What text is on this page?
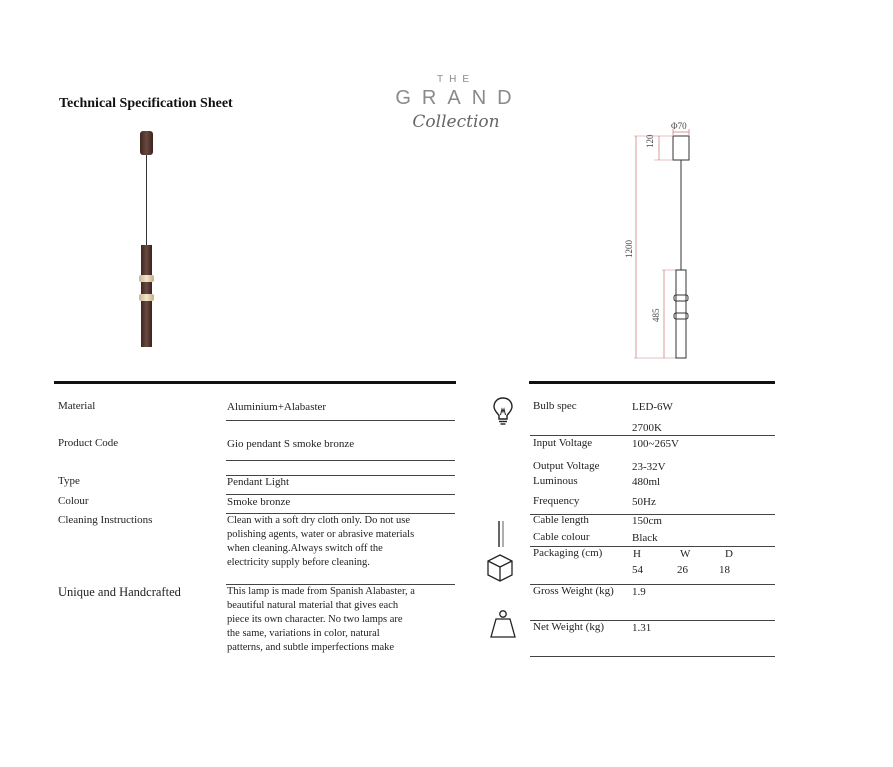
Technical Specification Sheet
THE
GRAND
Collection	Φ70
120
1200
485
Material	Aluminium+Alabaster
Product Code	Gio pendant S smoke bronze
Type	Pendant Light
Colour	Smoke bronze
Cleaning Instructions	Clean with a soft dry cloth only. Do not use
polishing agents, water or abrasive materials
when cleaning.Always switch off the
electricity supply before cleaning.
Unique and Handcrafted	This lamp is made from Spanish Alabaster, a
beautiful natural material that gives each
piece its own character. No two lamps are
the same, variations in color, natural
patterns, and subtle imperfections make
Bulb spec	LED-6W
2700K
Input Voltage	100~265V
Output Voltage	23-32V
Luminous	480ml
Frequency	50Hz
Cable length	150cm
Cable colour	Black
Packaging (cm)	H	W	D
54	26	18
Gross Weight (kg) 1.9
Net Weight (kg)	1.31
